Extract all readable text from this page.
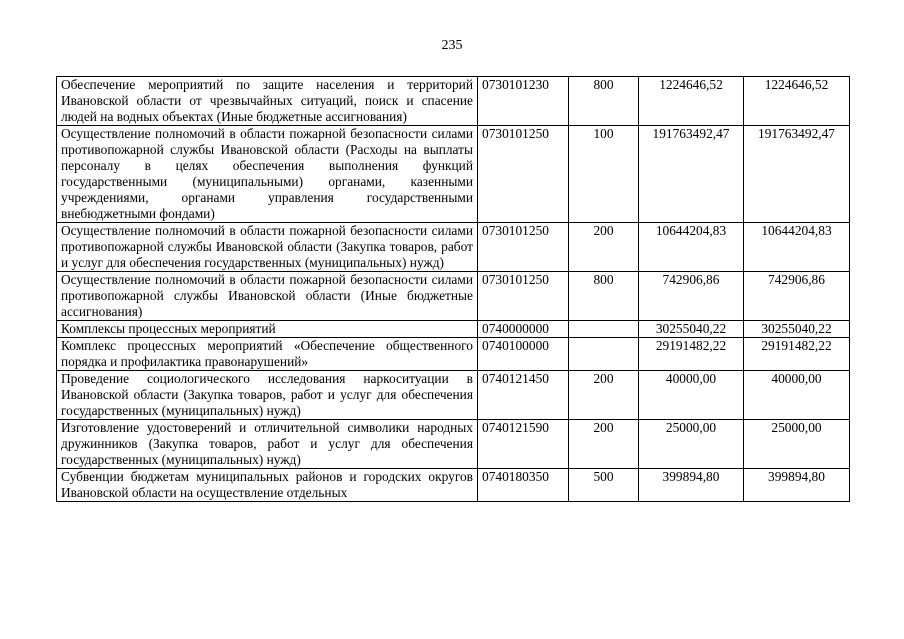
235
Обеспечение мероприятий по защите населения и территорий Ивановской области от чрезвычайных ситуаций, поиск и спасение людей на водных объектах (Иные бюджетные ассигнования)	0730101230	800	1224646,52	1224646,52
Осуществление полномочий в области пожарной безопасности силами противопожарной службы Ивановской области (Расходы на выплаты персоналу в целях обеспечения выполнения функций государственными (муниципальными) органами, казенными учреждениями, органами управления государственными внебюджетными фондами)	0730101250	100	191763492,47	191763492,47
Осуществление полномочий в области пожарной безопасности силами противопожарной службы Ивановской области (Закупка товаров, работ и услуг для обеспечения государственных (муниципальных) нужд)	0730101250	200	10644204,83	10644204,83
Осуществление полномочий в области пожарной безопасности силами противопожарной службы Ивановской области (Иные бюджетные ассигнования)	0730101250	800	742906,86	742906,86
Комплексы процессных мероприятий	0740000000		30255040,22	30255040,22
Комплекс процессных мероприятий «Обеспечение общественного порядка и профилактика правонарушений»	0740100000		29191482,22	29191482,22
Проведение социологического исследования наркоситуации в Ивановской области (Закупка товаров, работ и услуг для обеспечения государственных (муниципальных) нужд)	0740121450	200	40000,00	40000,00
Изготовление удостоверений и отличительной символики народных дружинников (Закупка товаров, работ и услуг для обеспечения государственных (муниципальных) нужд)	0740121590	200	25000,00	25000,00
Субвенции бюджетам муниципальных районов и городских округов Ивановской области на осуществление отдельных	0740180350	500	399894,80	399894,80
